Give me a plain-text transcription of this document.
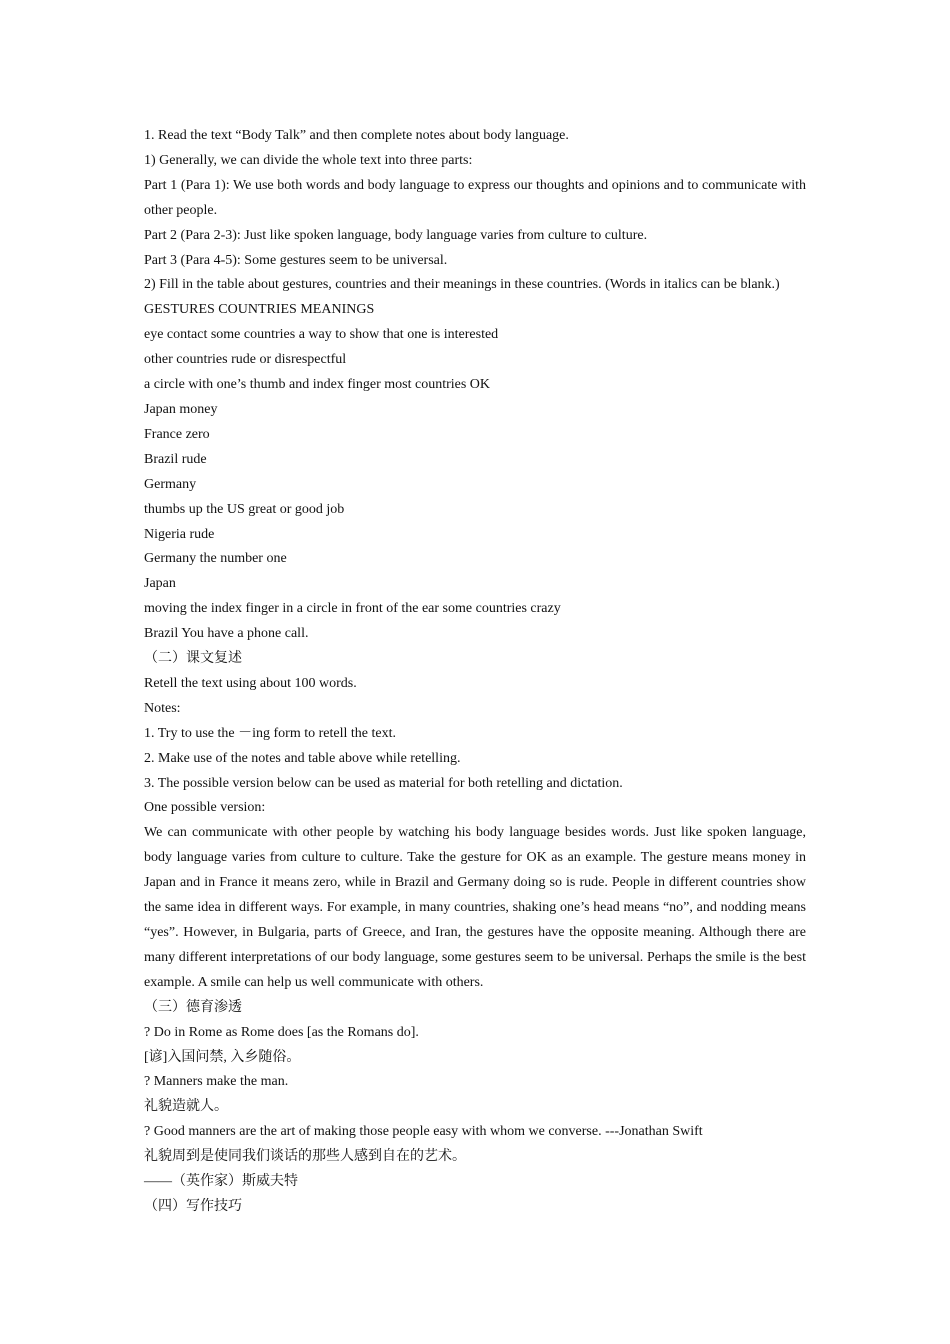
1. Read the text “Body Talk” and then complete notes about body language.

1) Generally, we can divide the whole text into three parts:

Part 1 (Para 1): We use both words and body language to express our thoughts and opinions and to communicate with other people.

Part 2 (Para 2-3): Just like spoken language, body language varies from culture to culture.

Part 3 (Para 4-5): Some gestures seem to be universal.

2) Fill in the table about gestures, countries and their meanings in these countries. (Words in italics can be blank.)

GESTURES COUNTRIES MEANINGS

eye contact some countries a way to show that one is interested

other countries rude or disrespectful

a circle with one’s thumb and index finger most countries OK

Japan money

France zero

Brazil rude

Germany

thumbs up the US great or good job

Nigeria rude

Germany the number one

Japan

moving the index finger in a circle in front of the ear some countries crazy

Brazil You have a phone call.

（二）课文复述

Retell the text using about 100 words.

Notes:

1. Try to use the －ing form to retell the text.

2. Make use of the notes and table above while retelling.

3. The possible version below can be used as material for both retelling and dictation.

One possible version:

We can communicate with other people by watching his body language besides words. Just like spoken language, body language varies from culture to culture. Take the gesture for OK as an example. The gesture means money in Japan and in France it means zero, while in Brazil and Germany doing so is rude. People in different countries show the same idea in different ways. For example, in many countries, shaking one’s head means “no”, and nodding means “yes”. However, in Bulgaria, parts of Greece, and Iran, the gestures have the opposite meaning. Although there are many different interpretations of our body language, some gestures seem to be universal. Perhaps the smile is the best example. A smile can help us well communicate with others.

（三）德育渗透

? Do in Rome as Rome does [as the Romans do].

[谚]入国问禁, 入乡随俗。

? Manners make the man.

礼貌造就人。

? Good manners are the art of making those people easy with whom we converse. ---Jonathan Swift

礼貌周到是使同我们谈话的那些人感到自在的艺术。

——（英作家）斯威夫特

（四）写作技巧
